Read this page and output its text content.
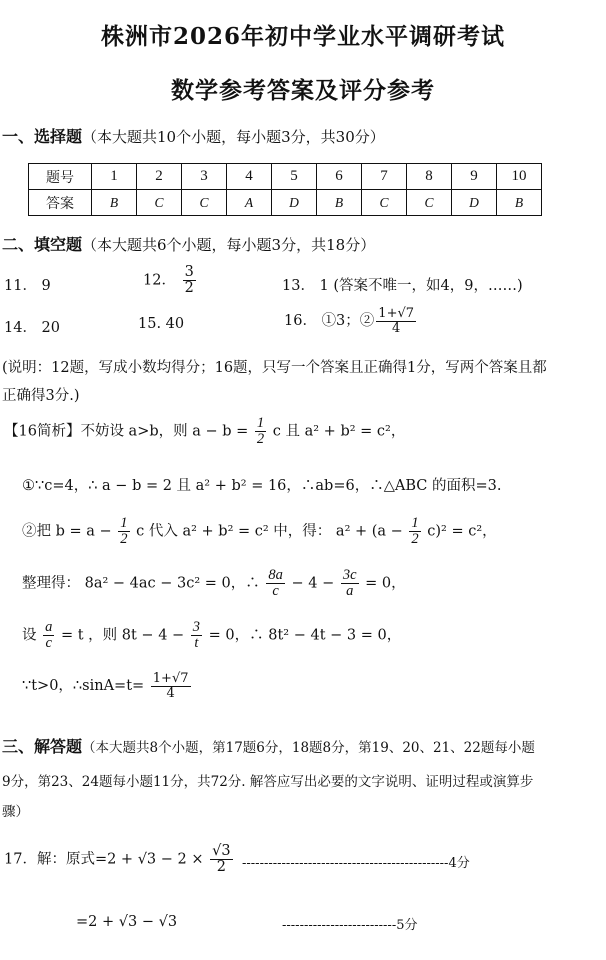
株洲市2026年初中学业水平调研考试
数学参考答案及评分参考
一、选择题（本大题共10个小题，每小题3分，共30分）
题号	1	2	3	4	5	6	7	8	9	10
答案	B	C	C	A	D	B	C	C	D	B
二、填空题（本大题共6个小题，每小题3分，共18分）
11． 9	12． $\frac{3}{2}$	13． 1 (答案不唯一，如4，9，……)
14． 20	15. 40	16． ①3；② $\frac{1+√7}{4}$
(说明：12题，写成小数均得分；16题，只写一个答案且正确得1分，写两个答案且都
正确得3分.)
【16简析】不妨设 a>b，则 $a - b = \frac{1}{2}$ c 且 a² + b² = c²，
①∵c=4，∴ a − b = 2 且 a² + b² = 16，∴ab=6，∴△ABC 的面积=3.
②把 $b = a - \frac{1}{2}$ c 代入 a² + b² = c² 中，得： $a^2 + (a - \frac{1}{2} c)^2 = c^2$，
整理得： 8a² − 4ac − 3c² = 0，∴ $\frac{8a}{c} - 4 - \frac{3c}{a} = 0$，
设 $\frac{a}{c} = t$ ，则 $8t - 4 - \frac{3}{t} = 0$，∴ 8t² − 4t − 3 = 0，
∵t>0，∴sinA=t= $\frac{1+√7}{4}$
三、解答题（本大题共8个小题，第17题6分，18题8分，第19、20、21、22题每小题
9分，第23、24题每小题11分，共72分. 解答应写出必要的文字说明、证明过程或演算步
骤）
17．解：原式$=2 + √3 - 2 \times \frac{√3}{2} -----------------------------------------------4$分
=2 + √3 − √3	--------------------------5分
